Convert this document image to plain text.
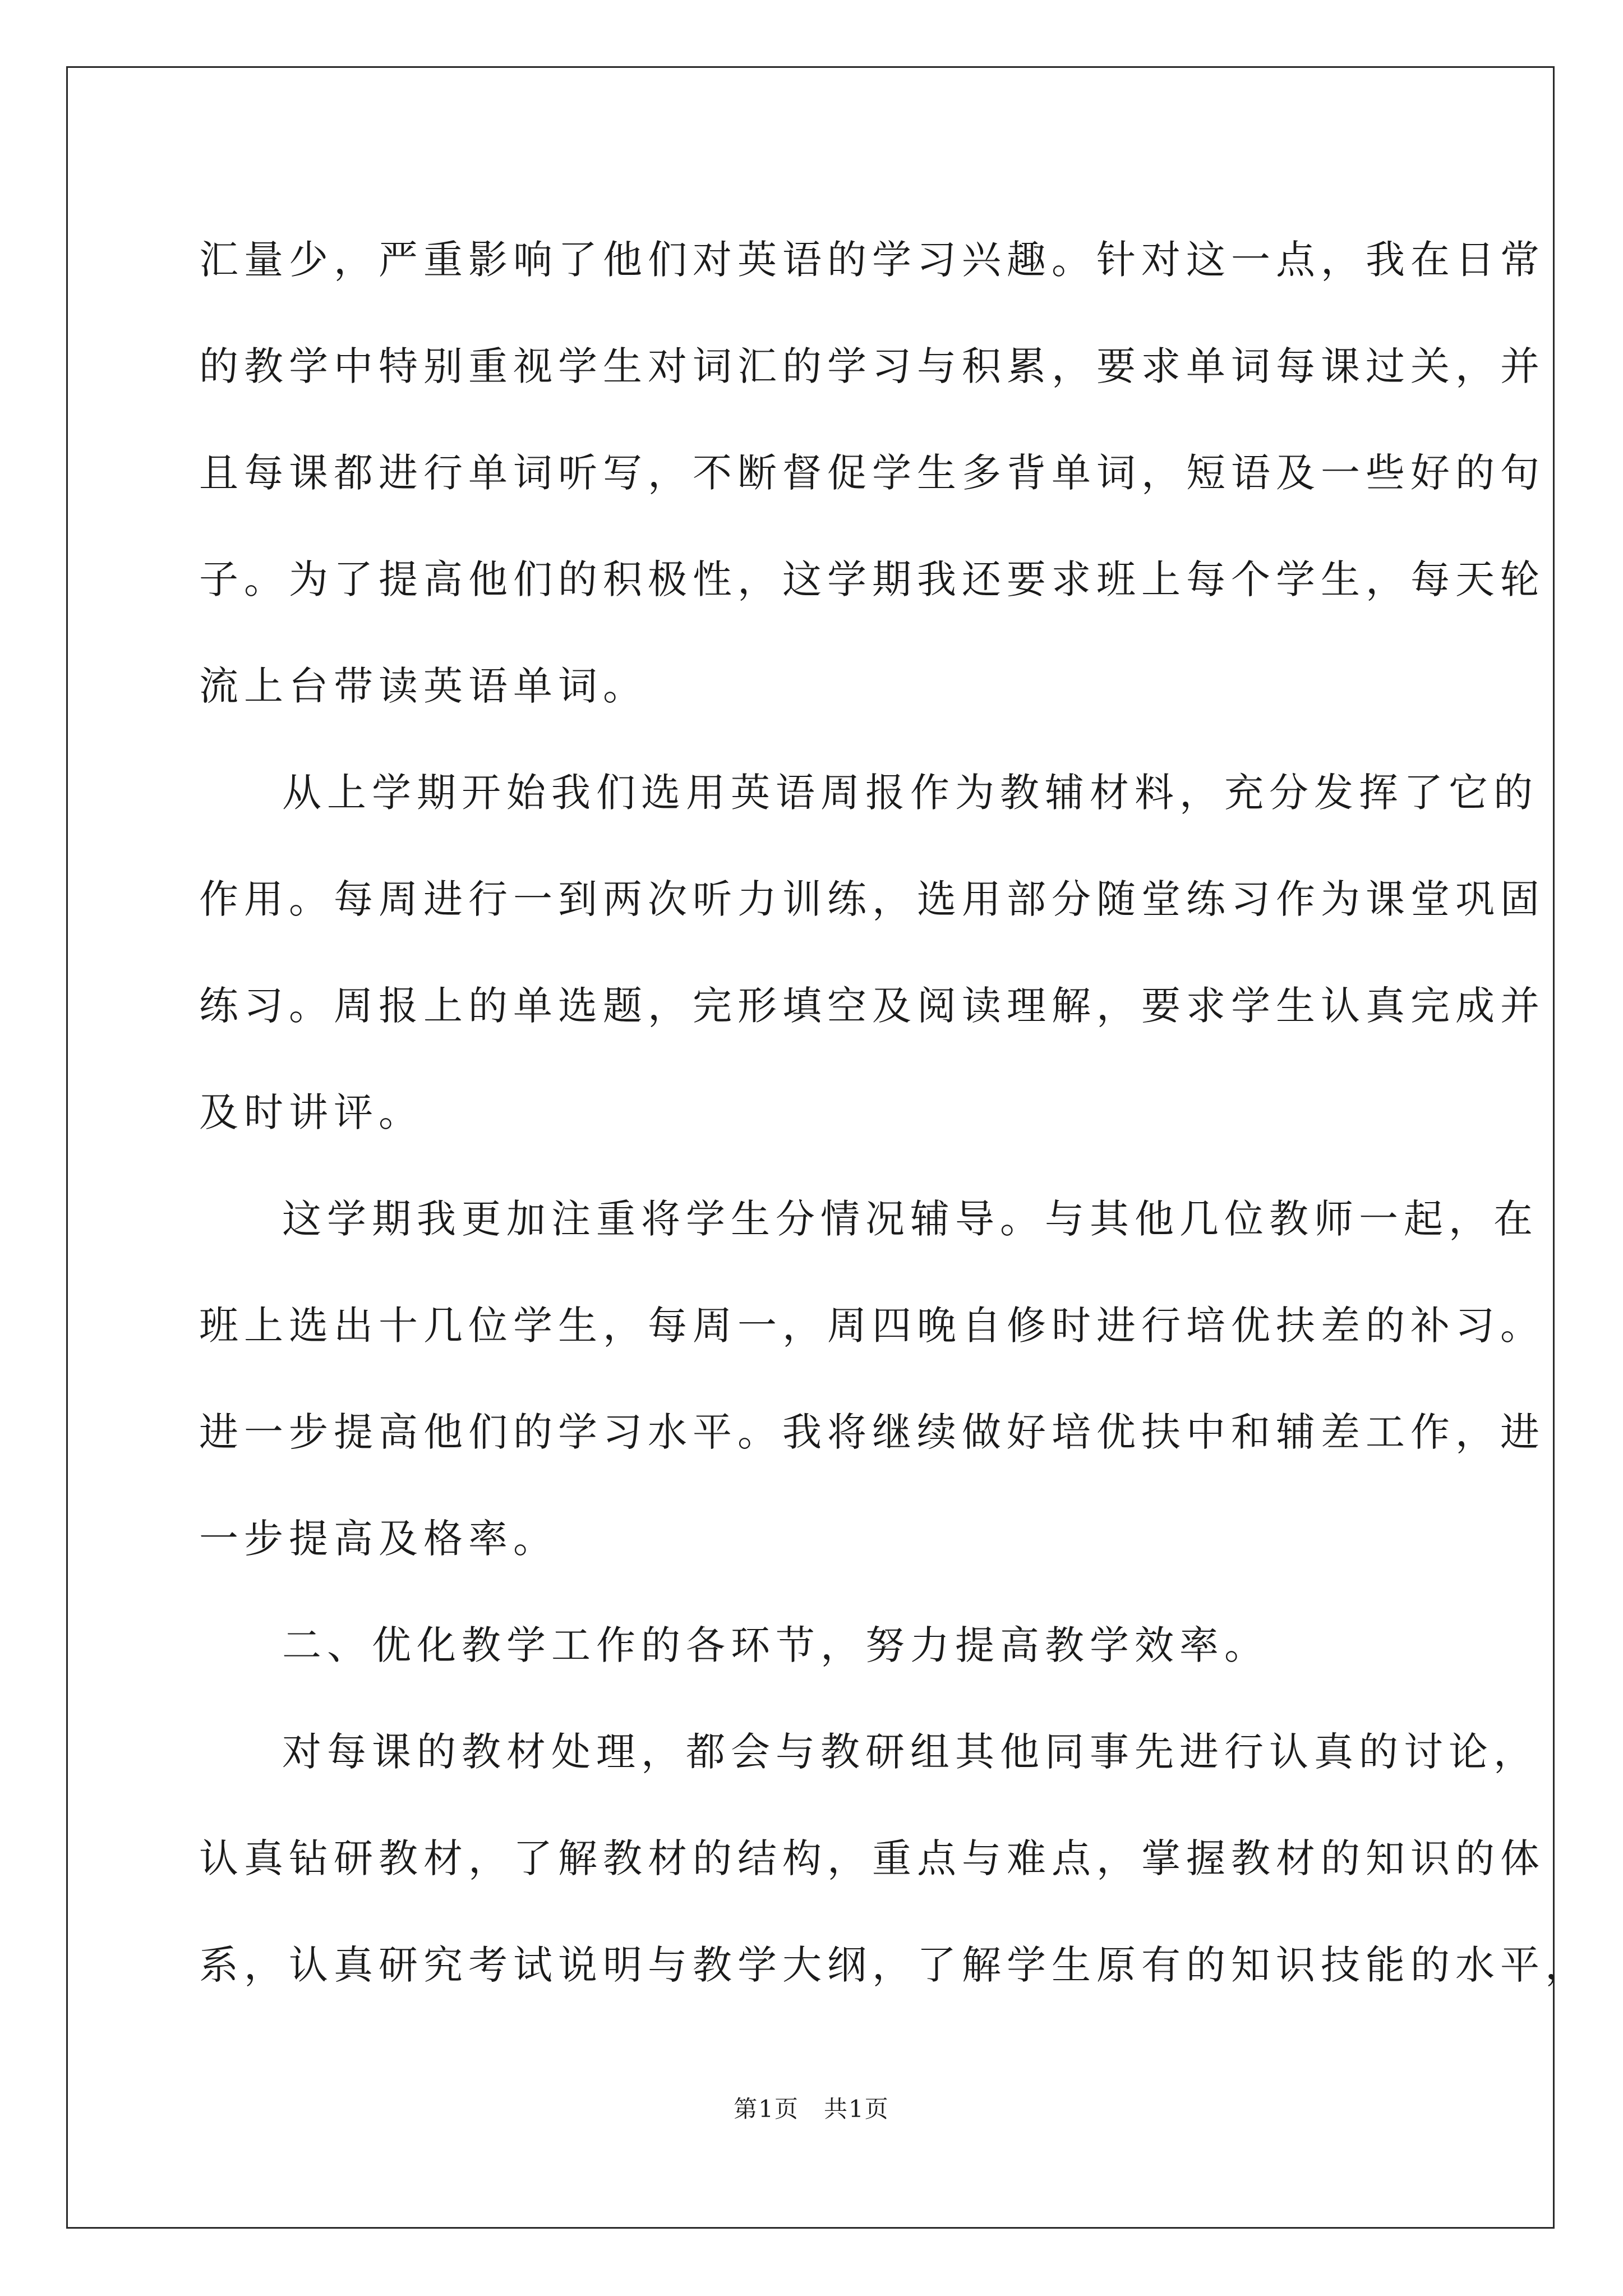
汇量少，严重影响了他们对英语的学习兴趣。针对这一点，我在日常
的教学中特别重视学生对词汇的学习与积累，要求单词每课过关，并
且每课都进行单词听写，不断督促学生多背单词，短语及一些好的句
子。为了提高他们的积极性，这学期我还要求班上每个学生，每天轮
流上台带读英语单词。
从上学期开始我们选用英语周报作为教辅材料，充分发挥了它的
作用。每周进行一到两次听力训练，选用部分随堂练习作为课堂巩固
练习。周报上的单选题，完形填空及阅读理解，要求学生认真完成并
及时讲评。
这学期我更加注重将学生分情况辅导。与其他几位教师一起，在
班上选出十几位学生，每周一，周四晚自修时进行培优扶差的补习。
进一步提高他们的学习水平。我将继续做好培优扶中和辅差工作，进
一步提高及格率。
二、优化教学工作的各环节，努力提高教学效率。
对每课的教材处理，都会与教研组其他同事先进行认真的讨论，
认真钻研教材，了解教材的结构，重点与难点，掌握教材的知识的体
系，认真研究考试说明与教学大纲，了解学生原有的知识技能的水平，
第1页　共1页
